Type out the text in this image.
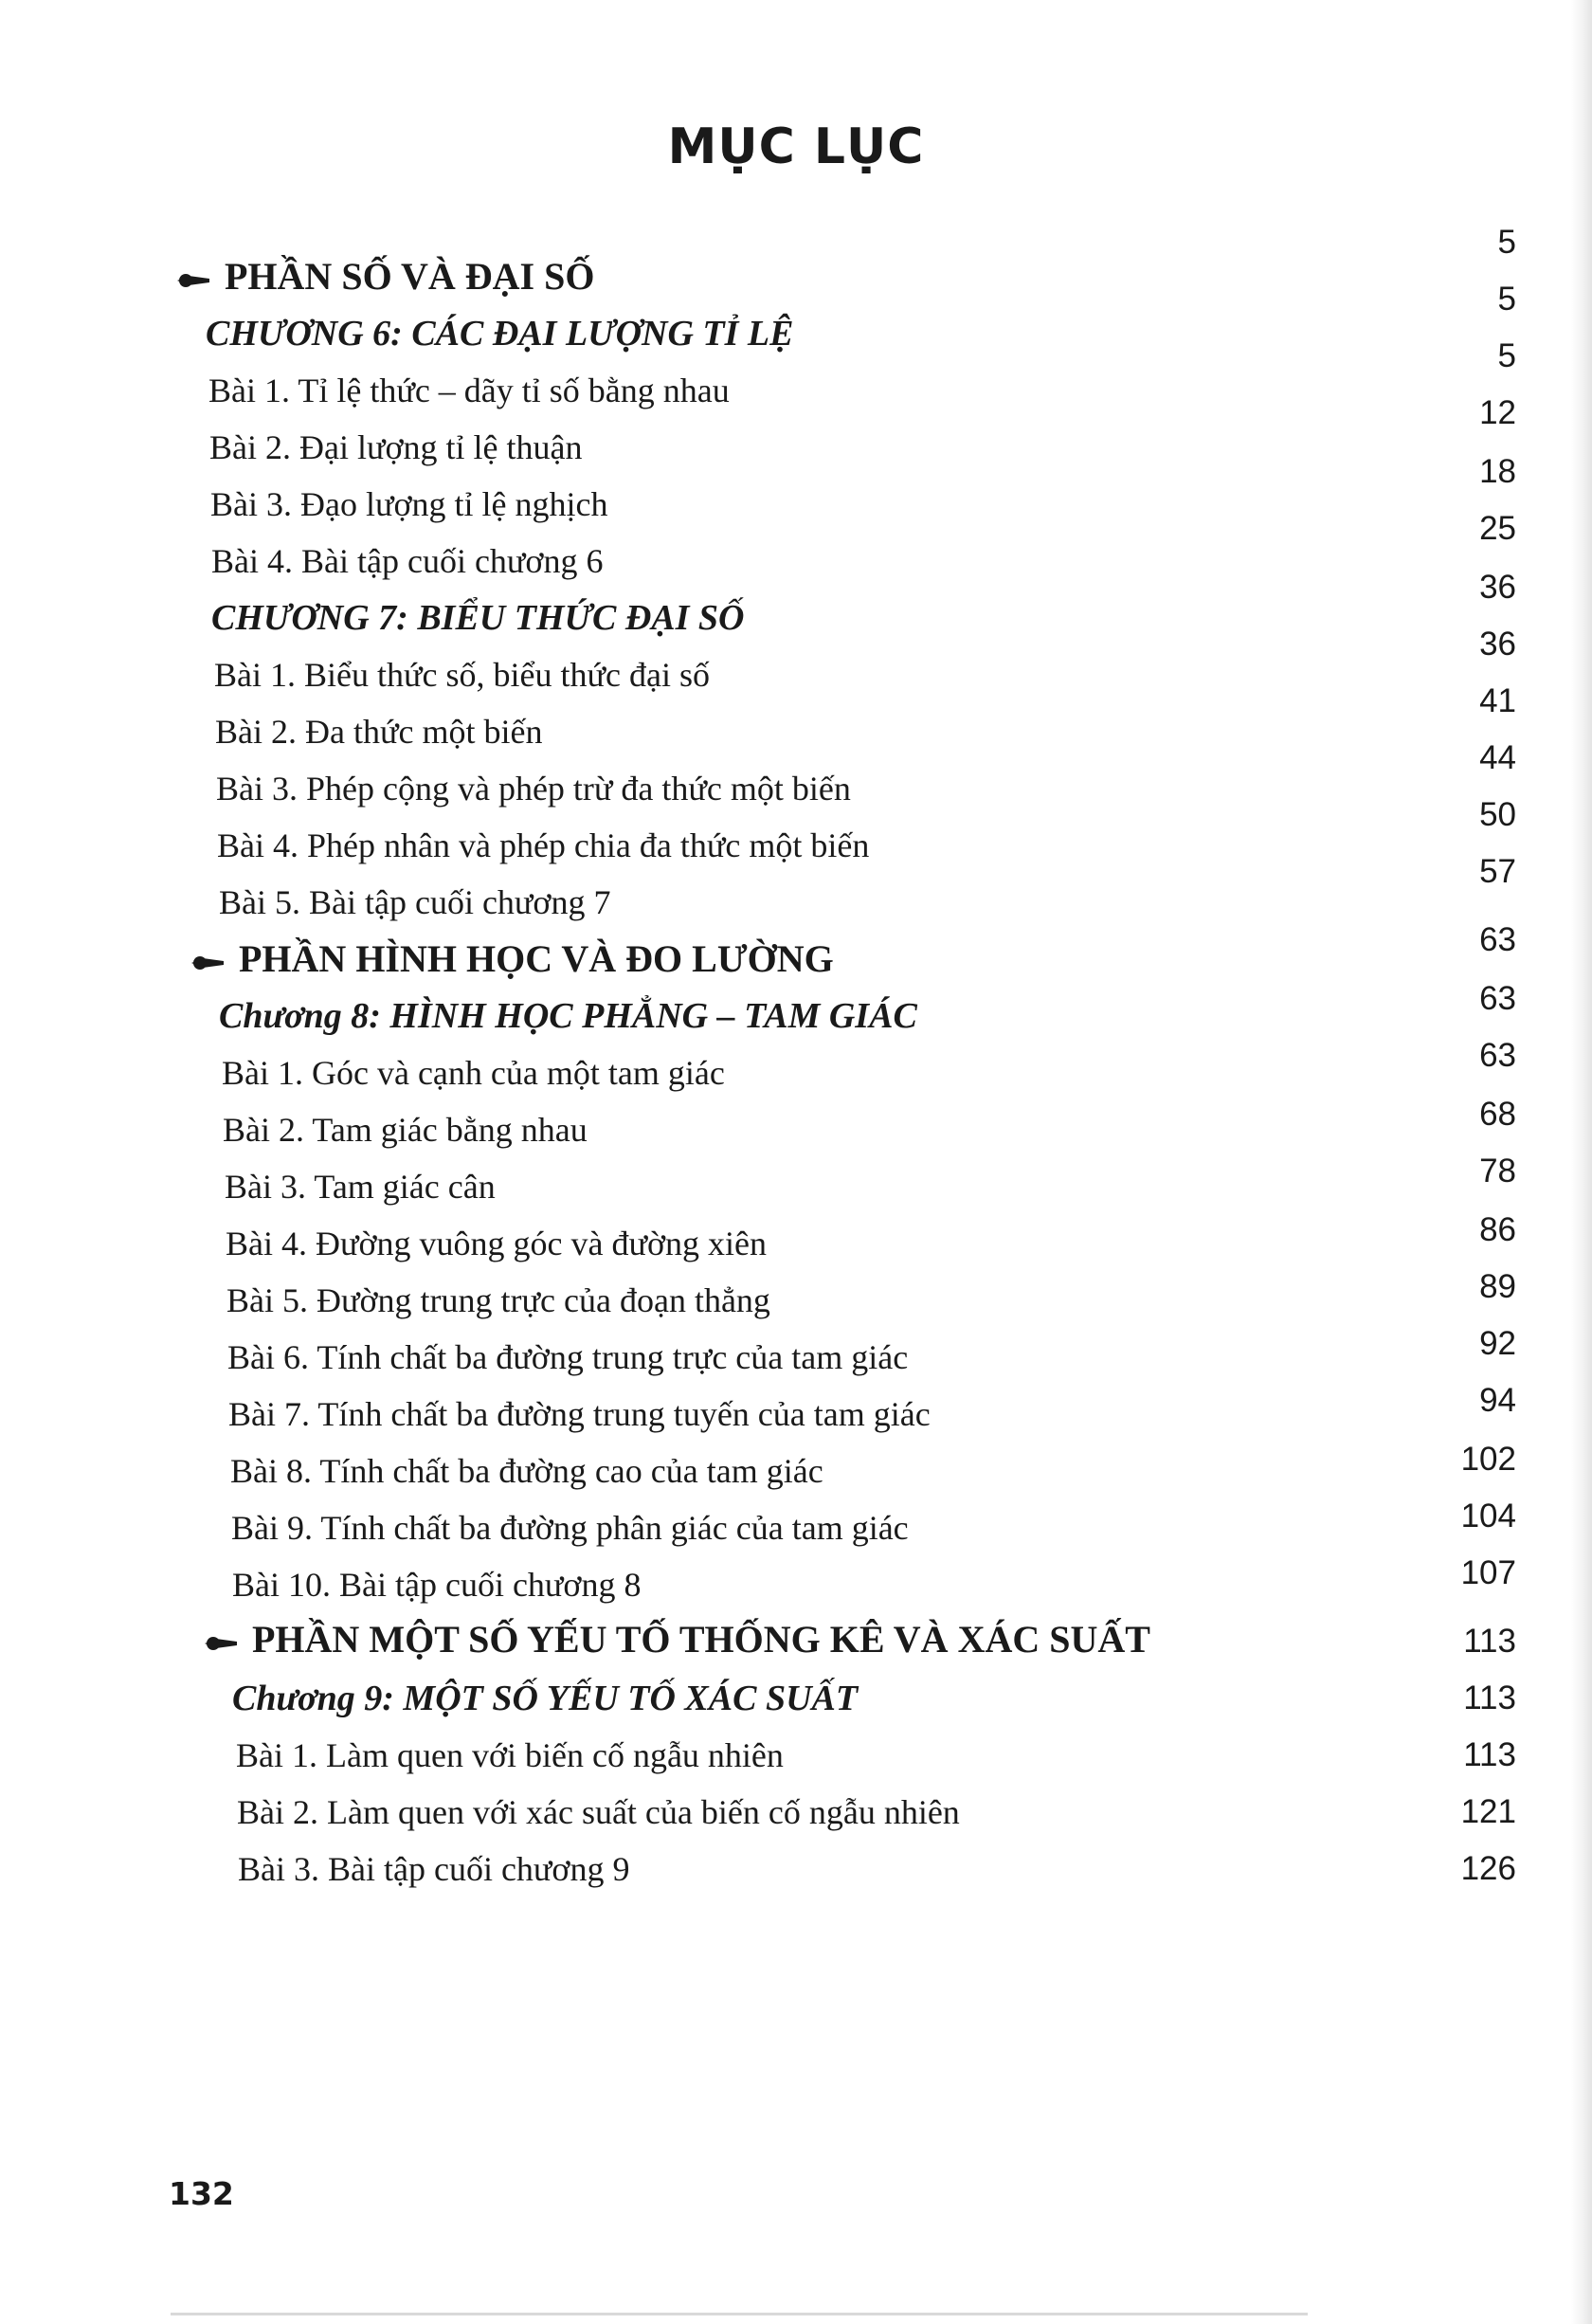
MỤC LỤC
PHẦN SỐ VÀ ĐẠI SỐ
CHƯƠNG 6: CÁC ĐẠI LƯỢNG TỈ LỆ
Bài 1. Tỉ lệ thức – dãy tỉ số bằng nhau
Bài 2. Đại lượng tỉ lệ thuận
Bài 3. Đạo lượng tỉ lệ nghịch
Bài 4. Bài tập cuối chương 6
CHƯƠNG 7: BIỂU THỨC ĐẠI SỐ
Bài 1. Biểu thức số, biểu thức đại số
Bài 2. Đa thức một biến
Bài 3. Phép cộng và phép trừ đa thức một biến
Bài 4. Phép nhân và phép chia đa thức một biến
Bài 5. Bài tập cuối chương 7
PHẦN HÌNH HỌC VÀ ĐO LƯỜNG
Chương 8: HÌNH HỌC PHẲNG – TAM GIÁC
Bài 1. Góc và cạnh của một tam giác
Bài 2. Tam giác bằng nhau
Bài 3. Tam giác cân
Bài 4. Đường vuông góc và đường xiên
Bài 5. Đường trung trực của đoạn thẳng
Bài 6. Tính chất ba đường trung trực của tam giác
Bài 7. Tính chất ba đường trung tuyến của tam giác
Bài 8. Tính chất ba đường cao của tam giác
Bài 9. Tính chất ba đường phân giác của tam giác
Bài 10. Bài tập cuối chương 8
PHẦN MỘT SỐ YẾU TỐ THỐNG KÊ VÀ XÁC SUẤT
Chương 9: MỘT SỐ YẾU TỐ XÁC SUẤT
Bài 1. Làm quen với biến cố ngẫu nhiên
Bài 2. Làm quen với xác suất của biến cố ngẫu nhiên
Bài 3. Bài tập cuối chương 9
5
5
5
12
18
25
36
36
41
44
50
57
63
63
63
68
78
86
89
92
94
102
104
107
113
113
113
121
126
132
